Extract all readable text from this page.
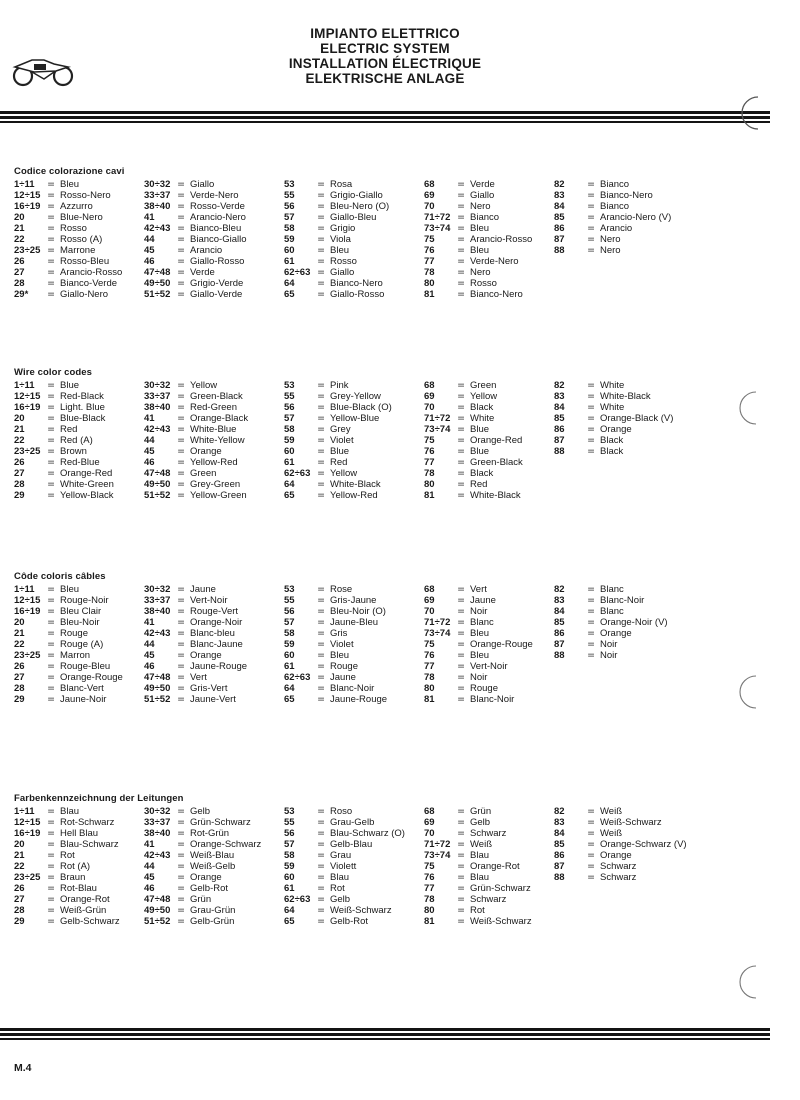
IMPIANTO ELETTRICO
ELECTRIC SYSTEM
INSTALLATION ÉLECTRIQUE
ELEKTRISCHE ANLAGE
Codice colorazione cavi
1÷11 = Bleu
12÷15 = Rosso-Nero
16÷19 = Azzurro
20 = Blue-Nero
21 = Rosso
22 = Rosso (A)
23÷25 = Marrone
26 = Rosso-Bleu
27 = Arancio-Rosso
28 = Bianco-Verde
29* = Giallo-Nero
30÷32 = Giallo
33÷37 = Verde-Nero
38÷40 = Rosso-Verde
41 = Arancio-Nero
42÷43 = Bianco-Bleu
44 = Bianco-Giallo
45 = Arancio
46 = Giallo-Rosso
47÷48 = Verde
49÷50 = Grigio-Verde
51÷52 = Giallo-Verde
53 = Rosa
55 = Grigio-Giallo
56 = Bleu-Nero (O)
57 = Giallo-Bleu
58 = Grigio
59 = Viola
60 = Bleu
61 = Rosso
62÷63 = Giallo
64 = Bianco-Nero
65 = Giallo-Rosso
68 = Verde
69 = Giallo
70 = Nero
71÷72 = Bianco
73÷74 = Bleu
75 = Arancio-Rosso
76 = Bleu
77 = Verde-Nero
78 = Nero
80 = Rosso
81 = Bianco-Nero
82 = Bianco
83 = Bianco-Nero
84 = Bianco
85 = Arancio-Nero (V)
86 = Arancio
87 = Nero
88 = Nero
Wire color codes
1÷11 = Blue
12÷15 = Red-Black
16÷19 = Light. Blue
20 = Blue-Black
21 = Red
22 = Red (A)
23÷25 = Brown
26 = Red-Blue
27 = Orange-Red
28 = White-Green
29 = Yellow-Black
30÷32 = Yellow
33÷37 = Green-Black
38÷40 = Red-Green
41 = Orange-Black
42÷43 = White-Blue
44 = White-Yellow
45 = Orange
46 = Yellow-Red
47÷48 = Green
49÷50 = Grey-Green
51÷52 = Yellow-Green
53 = Pink
55 = Grey-Yellow
56 = Blue-Black (O)
57 = Yellow-Blue
58 = Grey
59 = Violet
60 = Blue
61 = Red
62÷63 = Yellow
64 = White-Black
65 = Yellow-Red
68 = Green
69 = Yellow
70 = Black
71÷72 = White
73÷74 = Blue
75 = Orange-Red
76 = Blue
77 = Green-Black
78 = Black
80 = Red
81 = White-Black
82 = White
83 = White-Black
84 = White
85 = Orange-Black (V)
86 = Orange
87 = Black
88 = Black
Côde coloris câbles
1÷11 = Bleu
12÷15 = Rouge-Noir
16÷19 = Bleu Clair
20 = Bleu-Noir
21 = Rouge
22 = Rouge (A)
23÷25 = Marron
26 = Rouge-Bleu
27 = Orange-Rouge
28 = Blanc-Vert
29 = Jaune-Noir
30÷32 = Jaune
33÷37 = Vert-Noir
38÷40 = Rouge-Vert
41 = Orange-Noir
42÷43 = Blanc-bleu
44 = Blanc-Jaune
45 = Orange
46 = Jaune-Rouge
47÷48 = Vert
49÷50 = Gris-Vert
51÷52 = Jaune-Vert
53 = Rose
55 = Gris-Jaune
56 = Bleu-Noir (O)
57 = Jaune-Bleu
58 = Gris
59 = Violet
60 = Bleu
61 = Rouge
62÷63 = Jaune
64 = Blanc-Noir
65 = Jaune-Rouge
68 = Vert
69 = Jaune
70 = Noir
71÷72 = Blanc
73÷74 = Bleu
75 = Orange-Rouge
76 = Bleu
77 = Vert-Noir
78 = Noir
80 = Rouge
81 = Blanc-Noir
82 = Blanc
83 = Blanc-Noir
84 = Blanc
85 = Orange-Noir (V)
86 = Orange
87 = Noir
88 = Noir
Farbenkennzeichnung der Leitungen
1÷11 = Blau
12÷15 = Rot-Schwarz
16÷19 = Hell Blau
20 = Blau-Schwarz
21 = Rot
22 = Rot (A)
23÷25 = Braun
26 = Rot-Blau
27 = Orange-Rot
28 = Weiß-Grün
29 = Gelb-Schwarz
30÷32 = Gelb
33÷37 = Grün-Schwarz
38÷40 = Rot-Grün
41 = Orange-Schwarz
42÷43 = Weiß-Blau
44 = Weiß-Gelb
45 = Orange
46 = Gelb-Rot
47÷48 = Grün
49÷50 = Grau-Grün
51÷52 = Gelb-Grün
53 = Roso
55 = Grau-Gelb
56 = Blau-Schwarz (O)
57 = Gelb-Blau
58 = Grau
59 = Violett
60 = Blau
61 = Rot
62÷63 = Gelb
64 = Weiß-Schwarz
65 = Gelb-Rot
68 = Grün
69 = Gelb
70 = Schwarz
71÷72 = Weiß
73÷74 = Blau
75 = Orange-Rot
76 = Blau
77 = Grün-Schwarz
78 = Schwarz
80 = Rot
81 = Weiß-Schwarz
82 = Weiß
83 = Weiß-Schwarz
84 = Weiß
85 = Orange-Schwarz (V)
86 = Orange
87 = Schwarz
88 = Schwarz
M.4
